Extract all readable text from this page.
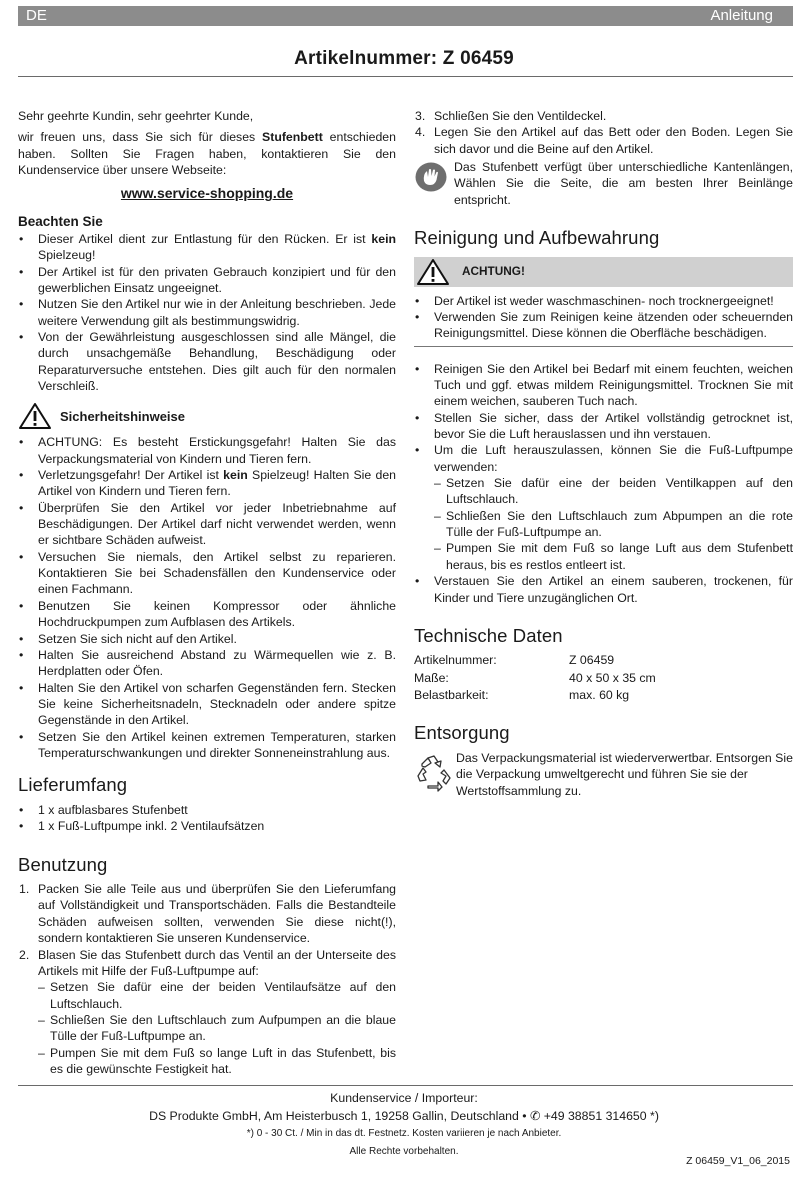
DE	Anleitung
Artikelnummer: Z 06459

Sehr geehrte Kundin, sehr geehrter Kunde,

wir freuen uns, dass Sie sich für dieses Stufenbett entschieden haben. Sollten Sie Fragen haben, kontaktieren Sie den Kundenservice über unsere Webseite:

www.service-shopping.de

Beachten Sie
• Dieser Artikel dient zur Entlastung für den Rücken. Er ist kein Spielzeug!
• Der Artikel ist für den privaten Gebrauch konzipiert und für den gewerblichen Einsatz ungeeignet.
• Nutzen Sie den Artikel nur wie in der Anleitung beschrieben. Jede weitere Verwendung gilt als bestimmungswidrig.
• Von der Gewährleistung ausgeschlossen sind alle Mängel, die durch unsachgemäße Behandlung, Beschädigung oder Reparaturversuche entstehen. Dies gilt auch für den normalen Verschleiß.
Sicherheitshinweise
• ACHTUNG: Es besteht Erstickungsgefahr! Halten Sie das Verpackungsmaterial von Kindern und Tieren fern.
• Verletzungsgefahr! Der Artikel ist kein Spielzeug! Halten Sie den Artikel von Kindern und Tieren fern.
• Überprüfen Sie den Artikel vor jeder Inbetriebnahme auf Beschädigungen. Der Artikel darf nicht verwendet werden, wenn er sichtbare Schäden aufweist.
• Versuchen Sie niemals, den Artikel selbst zu reparieren. Kontaktieren Sie bei Schadensfällen den Kundenservice oder einen Fachmann.
• Benutzen Sie keinen Kompressor oder ähnliche Hochdruckpumpen zum Aufblasen des Artikels.
• Setzen Sie sich nicht auf den Artikel.
• Halten Sie ausreichend Abstand zu Wärmequellen wie z. B. Herdplatten oder Öfen.
• Halten Sie den Artikel von scharfen Gegenständen fern. Stecken Sie keine Sicherheitsnadeln, Stecknadeln oder andere spitze Gegenstände in den Artikel.
• Setzen Sie den Artikel keinen extremen Temperaturen, starken Temperaturschwankungen und direkter Sonneneinstrahlung aus.
Lieferumfang
• 1 x aufblasbares Stufenbett
• 1 x Fuß-Luftpumpe inkl. 2 Ventilaufsätzen
Benutzung
1. Packen Sie alle Teile aus und überprüfen Sie den Lieferumfang auf Vollständigkeit und Transportschäden. Falls die Bestandteile Schäden aufweisen sollten, verwenden Sie diese nicht(!), sondern kontaktieren Sie unseren Kundenservice.
2. Blasen Sie das Stufenbett durch das Ventil an der Unterseite des Artikels mit Hilfe der Fuß-Luftpumpe auf:
– Setzen Sie dafür eine der beiden Ventilaufsätze auf den Luftschlauch.
– Schließen Sie den Luftschlauch zum Aufpumpen an die blaue Tülle der Fuß-Luftpumpe an.
– Pumpen Sie mit dem Fuß so lange Luft in das Stufenbett, bis es die gewünschte Festigkeit hat.
3. Schließen Sie den Ventildeckel.
4. Legen Sie den Artikel auf das Bett oder den Boden. Legen Sie sich davor und die Beine auf den Artikel.

Das Stufenbett verfügt über unterschiedliche Kantenlängen, Wählen Sie die Seite, die am besten Ihrer Beinlänge entspricht.

Reinigung und Aufbewahrung
ACHTUNG!
• Der Artikel ist weder waschmaschinen- noch trocknergeeignet!
• Verwenden Sie zum Reinigen keine ätzenden oder scheuernden Reinigungsmittel. Diese können die Oberfläche beschädigen.
• Reinigen Sie den Artikel bei Bedarf mit einem feuchten, weichen Tuch und ggf. etwas mildem Reinigungsmittel. Trocknen Sie mit einem weichen, sauberen Tuch nach.
• Stellen Sie sicher, dass der Artikel vollständig getrocknet ist, bevor Sie die Luft herauslassen und ihn verstauen.
• Um die Luft herauszulassen, können Sie die Fuß-Luftpumpe verwenden:
– Setzen Sie dafür eine der beiden Ventilkappen auf den Luftschlauch.
– Schließen Sie den Luftschlauch zum Abpumpen an die rote Tülle der Fuß-Luftpumpe an.
– Pumpen Sie mit dem Fuß so lange Luft aus dem Stufenbett heraus, bis es restlos entleert ist.
• Verstauen Sie den Artikel an einem sauberen, trockenen, für Kinder und Tiere unzugänglichen Ort.
Technische Daten
Artikelnummer:	Z 06459
Maße:	40 x 50 x 35 cm
Belastbarkeit:	max. 60 kg
Entsorgung

Das Verpackungsmaterial ist wiederverwertbar. Entsorgen Sie die Verpackung umweltgerecht und führen Sie sie der Wertstoffsammlung zu.

Kundenservice / Importeur:
DS Produkte GmbH, Am Heisterbusch 1, 19258 Gallin, Deutschland • ✆ +49 38851 314650 *)
*) 0 - 30 Ct. / Min in das dt. Festnetz. Kosten variieren je nach Anbieter.
Alle Rechte vorbehalten.
Z 06459_V1_06_2015
